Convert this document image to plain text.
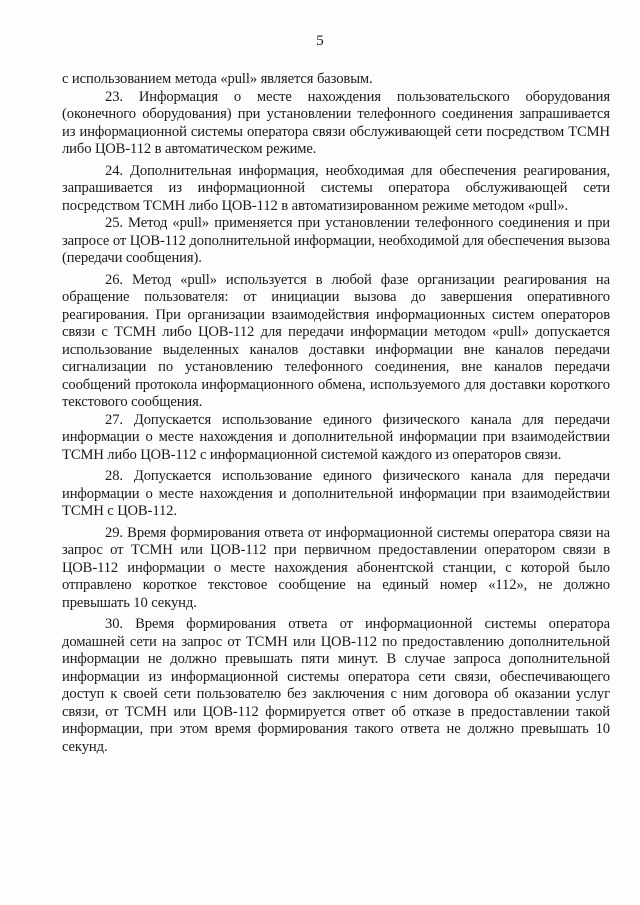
5

с использованием метода «pull» является базовым.

23. Информация о месте нахождения пользовательского оборудования (оконечного оборудования) при установлении телефонного соединения запрашивается из информационной системы оператора связи обслуживающей сети посредством ТСМН либо ЦОВ-112 в автоматическом режиме.

24. Дополнительная информация, необходимая для обеспечения реагирования, запрашивается из информационной системы оператора обслуживающей сети посредством ТСМН либо ЦОВ-112 в автоматизированном режиме методом «pull».

25. Метод «pull» применяется при установлении телефонного соединения и при запросе от ЦОВ-112 дополнительной информации, необходимой для обеспечения вызова (передачи сообщения).

26. Метод «pull» используется в любой фазе организации реагирования на обращение пользователя: от инициации вызова до завершения оперативного реагирования. При организации взаимодействия информационных систем операторов связи с ТСМН либо ЦОВ-112 для передачи информации методом «pull» допускается использование выделенных каналов доставки информации вне каналов передачи сигнализации по установлению телефонного соединения, вне каналов передачи сообщений протокола информационного обмена, используемого для доставки короткого текстового сообщения.

27. Допускается использование единого физического канала для передачи информации о месте нахождения и дополнительной информации при взаимодействии ТСМН либо ЦОВ-112 с информационной системой каждого из операторов связи.

28. Допускается использование единого физического канала для передачи информации о месте нахождения и дополнительной информации при взаимодействии ТСМН с ЦОВ-112.

29. Время формирования ответа от информационной системы оператора связи на запрос от ТСМН или ЦОВ-112 при первичном предоставлении оператором связи в ЦОВ-112 информации о месте нахождения абонентской станции, с которой было отправлено короткое текстовое сообщение на единый номер «112», не должно превышать 10 секунд.

30. Время формирования ответа от информационной системы оператора домашней сети на запрос от ТСМН или ЦОВ-112 по предоставлению дополнительной информации не должно превышать пяти минут. В случае запроса дополнительной информации из информационной системы оператора сети связи, обеспечивающего доступ к своей сети пользователю без заключения с ним договора об оказании услуг связи, от ТСМН или ЦОВ-112 формируется ответ об отказе в предоставлении такой информации, при этом время формирования такого ответа не должно превышать 10 секунд.
